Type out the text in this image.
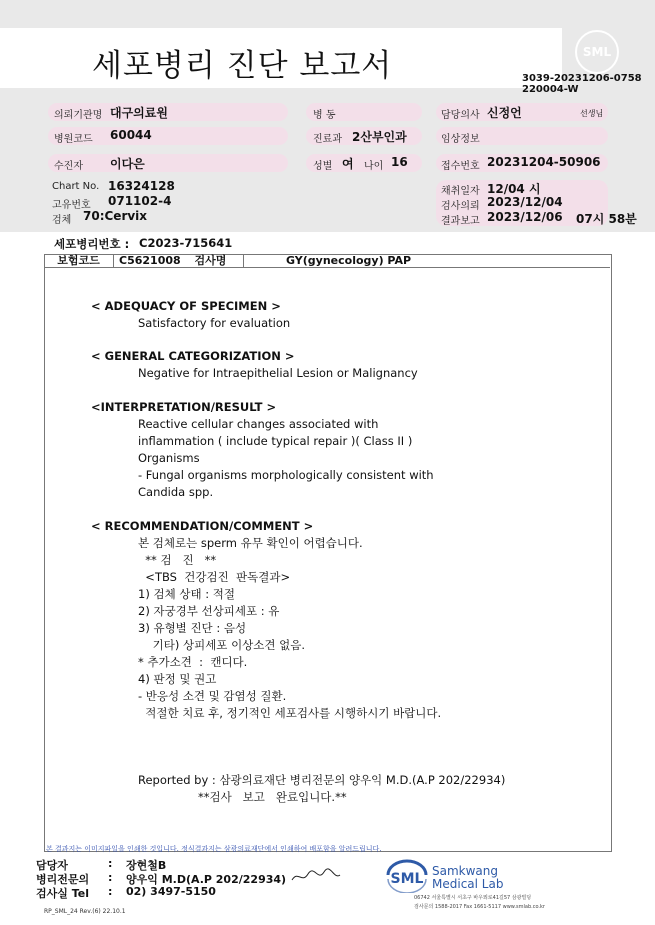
세포병리 진단 보고서	SML
3039-20231206-0758
220004-W
의뢰기관명 대구의료원	병 동	담당의사 신정언	선생님
병원코드 60044	진료과 2산부인과	임상정보
수진자 이다은	성별 여 나이 16	접수번호 20231204-50906
Chart No. 16324128
고유번호 071102-4
검체 70:Cervix
채취일자 12/04 시
검사의뢰 2023/12/04
결과보고 2023/12/06 07시 58분
세포병리번호 : C2023-715641
보험코드	C5621008 검사명	GY(gynecology) PAP
< ADEQUACY OF SPECIMEN >
Satisfactory for evaluation
< GENERAL CATEGORIZATION >
Negative for Intraepithelial Lesion or Malignancy
<INTERPRETATION/RESULT >
Reactive cellular changes associated with
inflammation ( include typical repair )( Class II )
Organisms
- Fungal organisms morphologically consistent with
Candida spp.
< RECOMMENDATION/COMMENT >
본 검체로는 sperm 유무 확인이 어렵습니다.
** 검   진   **
<TBS  건강검진  판독결과>
1) 검체 상태 : 적절
2) 자궁경부 선상피세포 : 유
3) 유형별 진단 : 음성
기타) 상피세포 이상소견 없음.
* 추가소견  :  캔디다.
4) 판정 및 권고
- 반응성 소견 및 감염성 질환.
적절한 치료 후, 정기적인 세포검사를 시행하시기 바랍니다.
Reported by : 삼광의료재단 병리전문의 양우익 M.D.(A.P 202/22934)
**검사   보고   완료입니다.**
본 결과지는 이미지파일을 인쇄한 것입니다. 정식결과지는 삼광의료재단에서 인쇄하여 배포함을 알려드립니다.
담당자	: 장현철B
병리전문의 : 양우익 M.D(A.P 202/22934)
검사실 Tel : 02) 3497-5150
RP_SML_24 Rev.(6) 22.10.1
SML Samkwang
Medical Lab
06742 서울특별시 서초구 바우뫼로41길57 삼광빌딩
검사문의 1588-2017 Fax 1661-5117 www.smlab.co.kr
